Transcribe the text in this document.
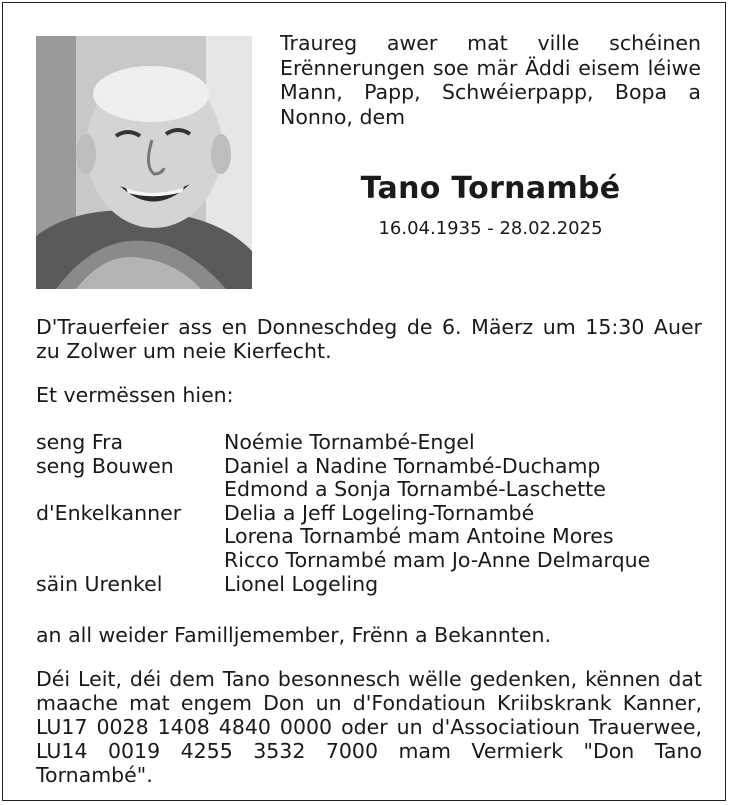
Traureg awer mat ville schéinen Erënnerungen soe mär Äddi eisem léiwe Mann, Papp, Schwéierpapp, Bopa a Nonno, dem
Tano Tornambé
16.04.1935 - 28.02.2025
D'Trauerfeier ass en Donneschdeg de 6. Mäerz um 15:30 Auer zu Zolwer um neie Kierfecht.
Et vermëssen hien:
seng Fra	Noémie Tornambé-Engel
seng Bouwen	Daniel a Nadine Tornambé-Duchamp
Edmond a Sonja Tornambé-Laschette
d'Enkelkanner	Delia a Jeff Logeling-Tornambé
Lorena Tornambé mam Antoine Mores
Ricco Tornambé mam Jo-Anne Delmarque
säin Urenkel	Lionel Logeling
an all weider Familljemember, Frënn a Bekannten.
Déi Leit, déi dem Tano besonnesch wëlle gedenken, kënnen dat maache mat engem Don un d'Fondatioun Kriibskrank Kanner, LU17 0028 1408 4840 0000 oder un d'Associatioun Trauerwee, LU14 0019 4255 3532 7000 mam Vermierk "Don Tano Tornambé".
